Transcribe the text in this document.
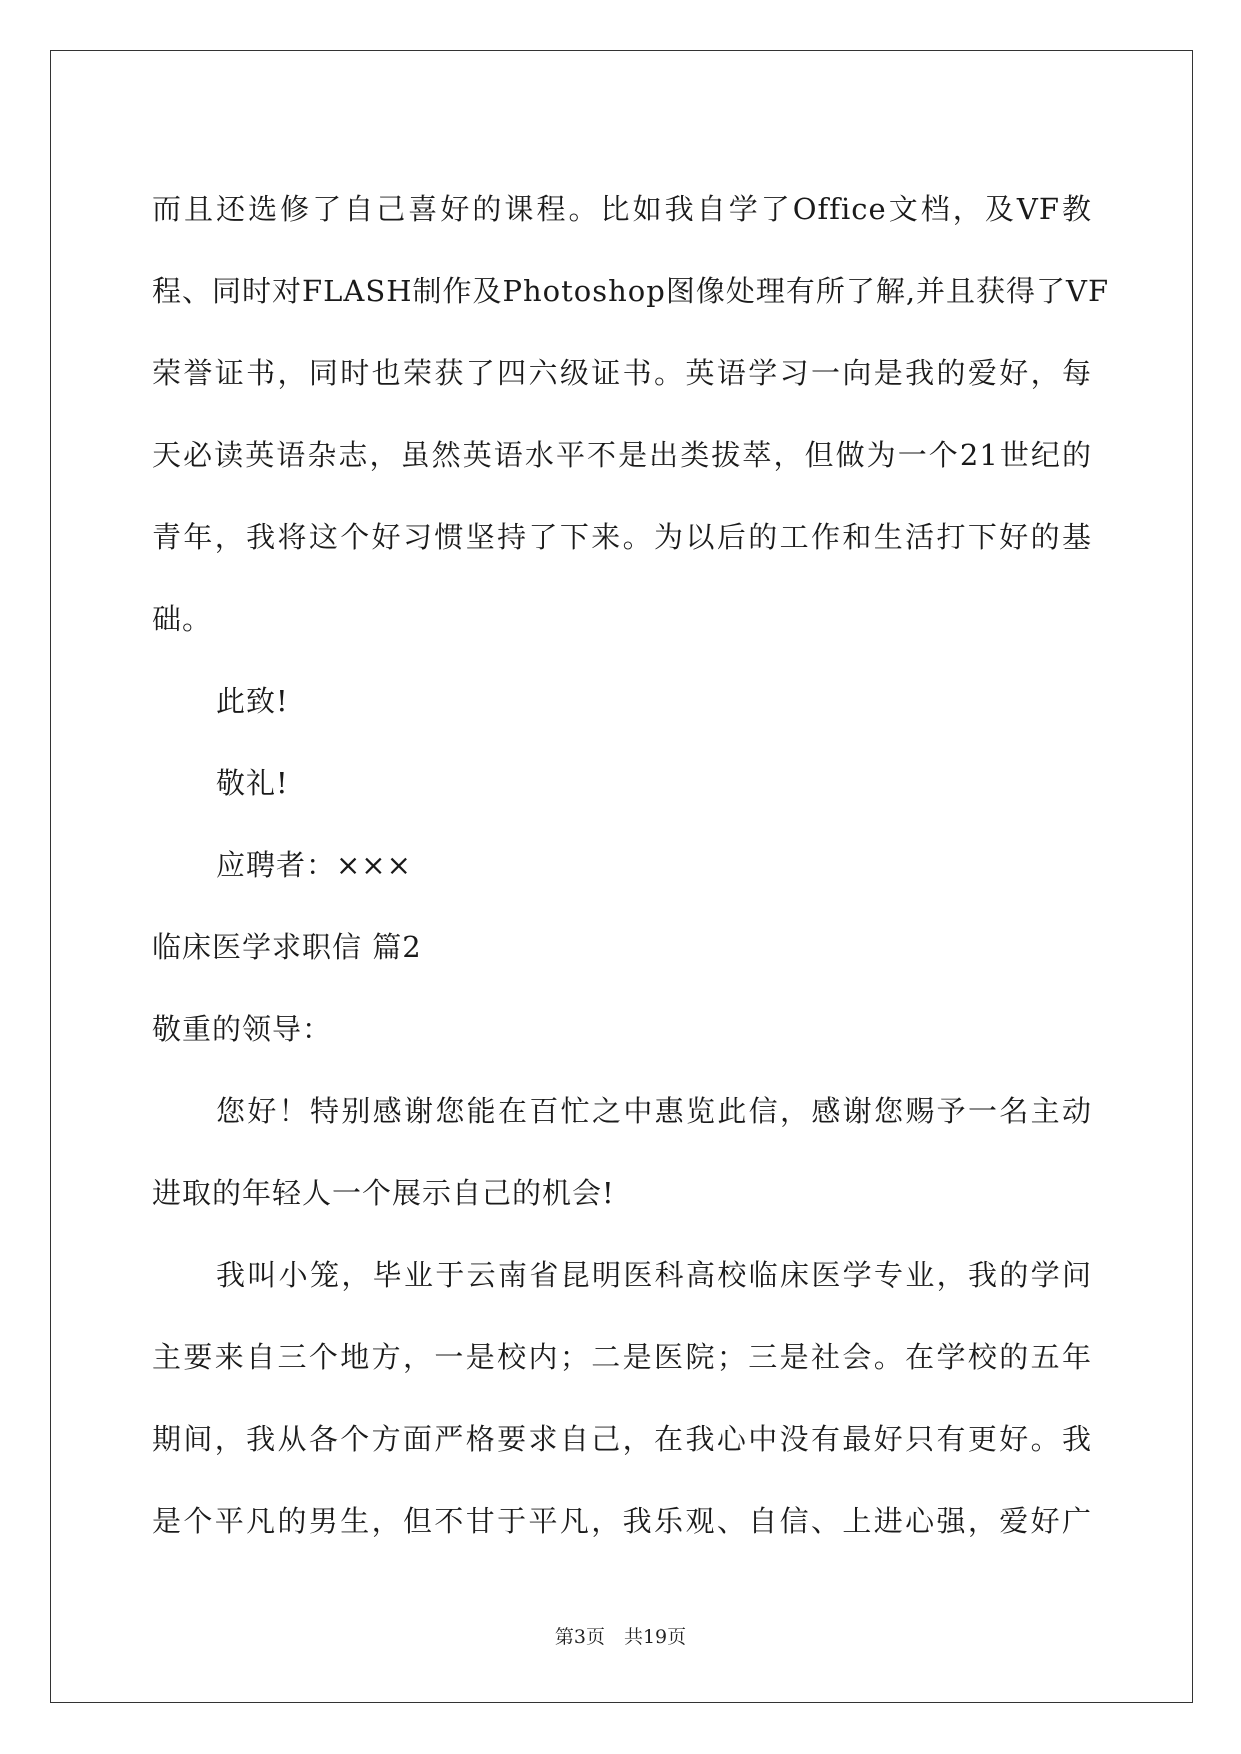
而且还选修了自己喜好的课程。比如我自学了Office文档，及VF教
程、同时对FLASH制作及Photoshop图像处理有所了解,并且获得了VF
荣誉证书，同时也荣获了四六级证书。英语学习一向是我的爱好，每
天必读英语杂志，虽然英语水平不是出类拔萃，但做为一个21世纪的
青年，我将这个好习惯坚持了下来。为以后的工作和生活打下好的基
础。
此致!
敬礼!
应聘者：×××
临床医学求职信 篇2
敬重的领导：
您好！特别感谢您能在百忙之中惠览此信，感谢您赐予一名主动
进取的年轻人一个展示自己的机会!
我叫小笼，毕业于云南省昆明医科高校临床医学专业，我的学问
主要来自三个地方，一是校内；二是医院；三是社会。在学校的五年
期间，我从各个方面严格要求自己，在我心中没有最好只有更好。我
是个平凡的男生，但不甘于平凡，我乐观、自信、上进心强，爱好广
第3页　共19页
